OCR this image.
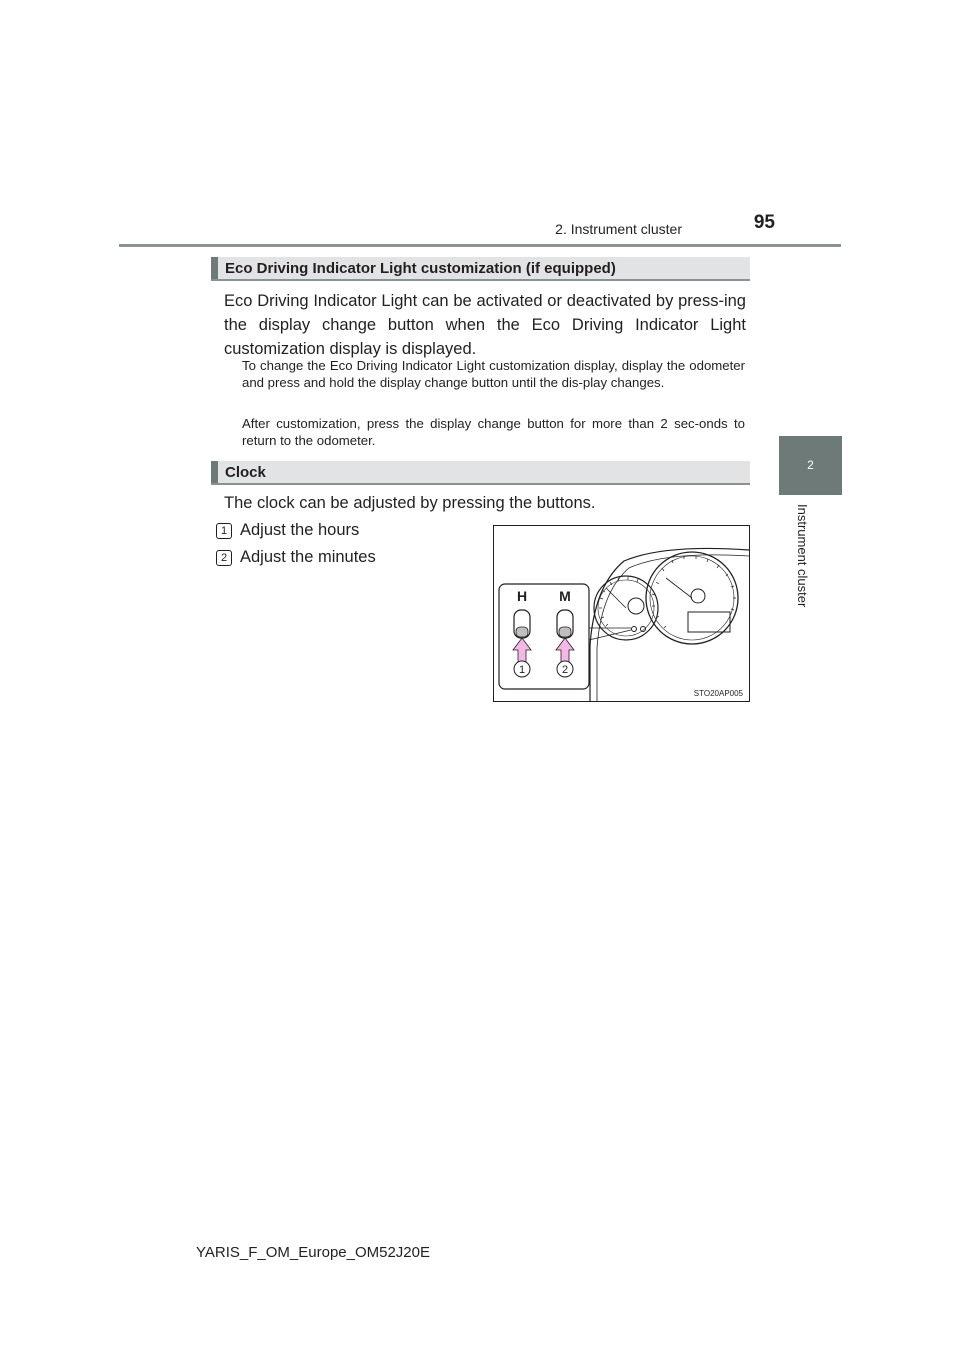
95
2. Instrument cluster
2
Instrument cluster
Eco Driving Indicator Light customization (if equipped)

Eco Driving Indicator Light can be activated or deactivated by press-ing the display change button when the Eco Driving Indicator Light customization display is displayed.

To change the Eco Driving Indicator Light customization display, display the odometer and press and hold the display change button until the dis-play changes.

After customization, press the display change button for more than 2 sec-onds to return to the odometer.

Clock

The clock can be adjusted by pressing the buttons.

1 Adjust the hours
2 Adjust the minutes
H M
1	2
STO20AP005
YARIS_F_OM_Europe_OM52J20E
